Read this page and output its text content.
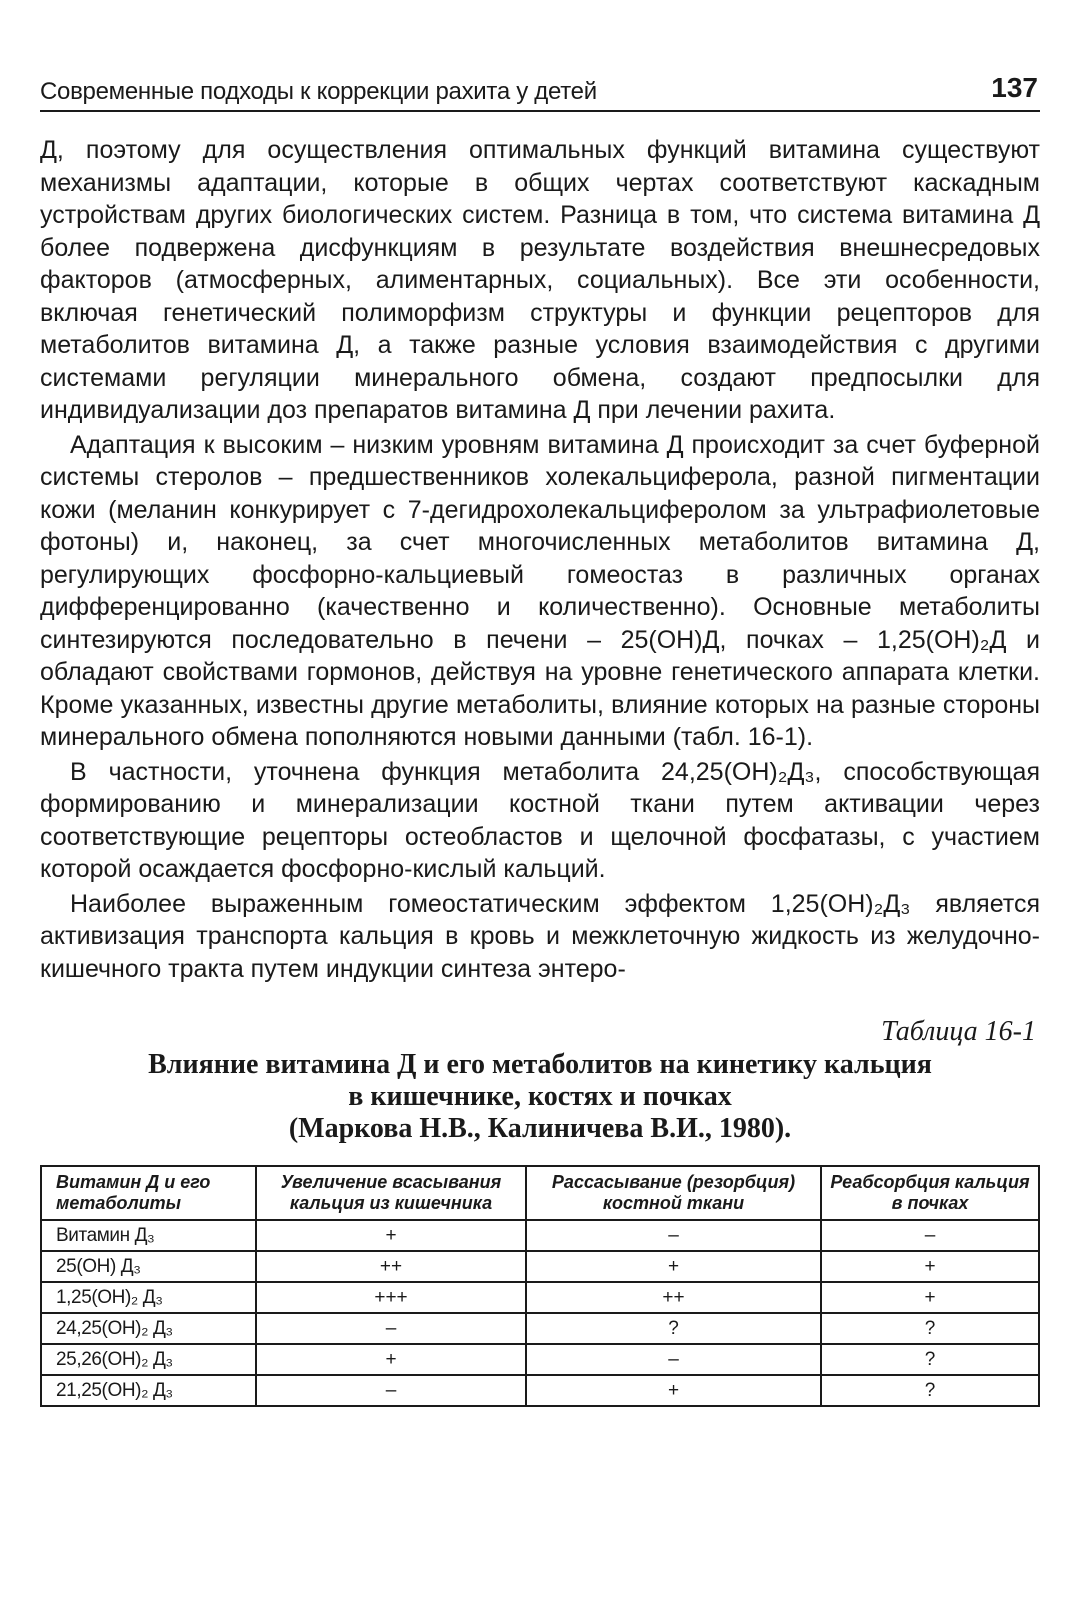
Современные подходы к коррекции рахита у детей	137

Д, поэтому для осуществления оптимальных функций витамина существуют механизмы адаптации, которые в общих чертах соответствуют каскадным устройствам других биологических систем. Разница в том, что система витамина Д более подвержена дисфункциям в результате воздействия внешнесредовых факторов (атмосферных, алиментарных, социальных). Все эти особенности, включая генетический полиморфизм структуры и функции рецепторов для метаболитов витамина Д, а также разные условия взаимодействия с другими системами регуляции минерального обмена, создают предпосылки для индивидуализации доз препаратов витамина Д при лечении рахита.

Адаптация к высоким – низким уровням витамина Д происходит за счет буферной системы стеролов – предшественников холекальциферола, разной пигментации кожи (меланин конкурирует с 7-дегидрохолекальциферолом за ультрафиолетовые фотоны) и, наконец, за счет многочисленных метаболитов витамина Д, регулирующих фосфорно-кальциевый гомеостаз в различных органах дифференцированно (качественно и количественно). Основные метаболиты синтезируются последовательно в печени – 25(ОН)Д, почках – 1,25(ОН)₂Д и обладают свойствами гормонов, действуя на уровне генетического аппарата клетки. Кроме указанных, известны другие метаболиты, влияние которых на разные стороны минерального обмена пополняются новыми данными (табл. 16-1).

В частности, уточнена функция метаболита 24,25(ОН)₂Д₃, способствующая формированию и минерализации костной ткани путем активации через соответствующие рецепторы остеобластов и щелочной фосфатазы, с участием которой осаждается фосфорно-кислый кальций.

Наиболее выраженным гомеостатическим эффектом 1,25(ОН)₂Д₃ является активизация транспорта кальция в кровь и межклеточную жидкость из желудочно-кишечного тракта путем индукции синтеза энтеро-

Таблица 16-1
Влияние витамина Д и его метаболитов на кинетику кальция
в кишечнике, костях и почках
(Маркова Н.В., Калиничева В.И., 1980).
Витамин Д и его метаболиты	Увеличение всасывания кальция из кишечника	Рассасывание (резорбция) костной ткани	Реабсорбция кальция в почках
Витамин Д₃	+	–	–
25(ОН) Д₃	++	+	+
1,25(ОН)₂ Д₃	+++	++	+
24,25(ОН)₂ Д₃	–	?	?
25,26(ОН)₂ Д₃	+	–	?
21,25(ОН)₂ Д₃	–	+	?
